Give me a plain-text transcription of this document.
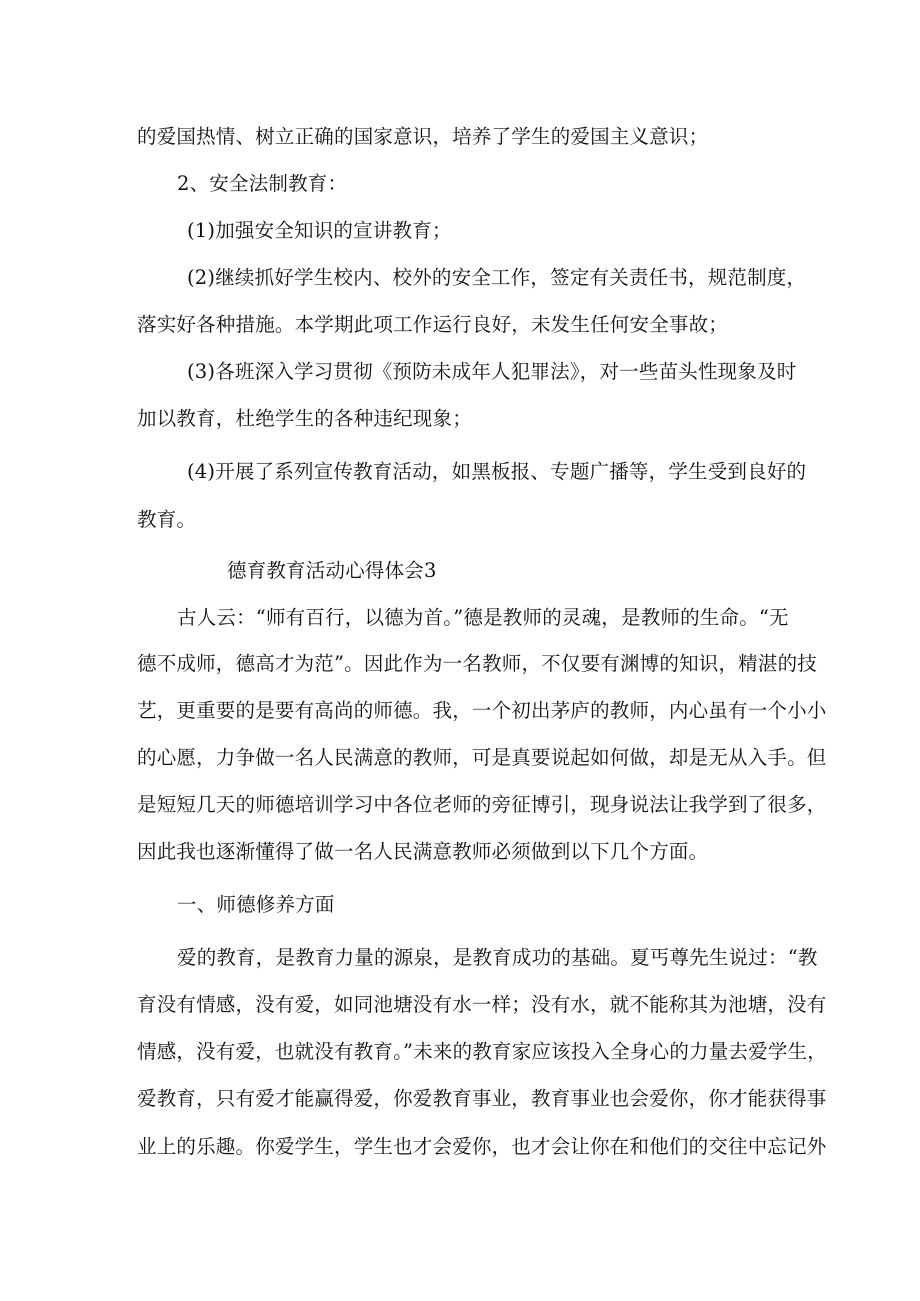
的爱国热情、树立正确的国家意识，培养了学生的爱国主义意识；
2、安全法制教育：
(1)加强安全知识的宣讲教育；
(2)继续抓好学生校内、校外的安全工作，签定有关责任书，规范制度，
落实好各种措施。本学期此项工作运行良好，未发生任何安全事故；
(3)各班深入学习贯彻《预防未成年人犯罪法》，对一些苗头性现象及时
加以教育，杜绝学生的各种违纪现象；
(4)开展了系列宣传教育活动，如黑板报、专题广播等，学生受到良好的
教育。
德育教育活动心得体会3
古人云：“师有百行，以德为首。”德是教师的灵魂，是教师的生命。“无
德不成师，德高才为范”。因此作为一名教师，不仅要有渊博的知识，精湛的技
艺，更重要的是要有高尚的师德。我，一个初出茅庐的教师，内心虽有一个小小
的心愿，力争做一名人民满意的教师，可是真要说起如何做，却是无从入手。但
是短短几天的师德培训学习中各位老师的旁征博引，现身说法让我学到了很多，
因此我也逐渐懂得了做一名人民满意教师必须做到以下几个方面。
一、师德修养方面
爱的教育，是教育力量的源泉，是教育成功的基础。夏丐尊先生说过：“教
育没有情感，没有爱，如同池塘没有水一样；没有水，就不能称其为池塘，没有
情感，没有爱，也就没有教育。”未来的教育家应该投入全身心的力量去爱学生，
爱教育，只有爱才能赢得爱，你爱教育事业，教育事业也会爱你，你才能获得事
业上的乐趣。你爱学生，学生也才会爱你，也才会让你在和他们的交往中忘记外
